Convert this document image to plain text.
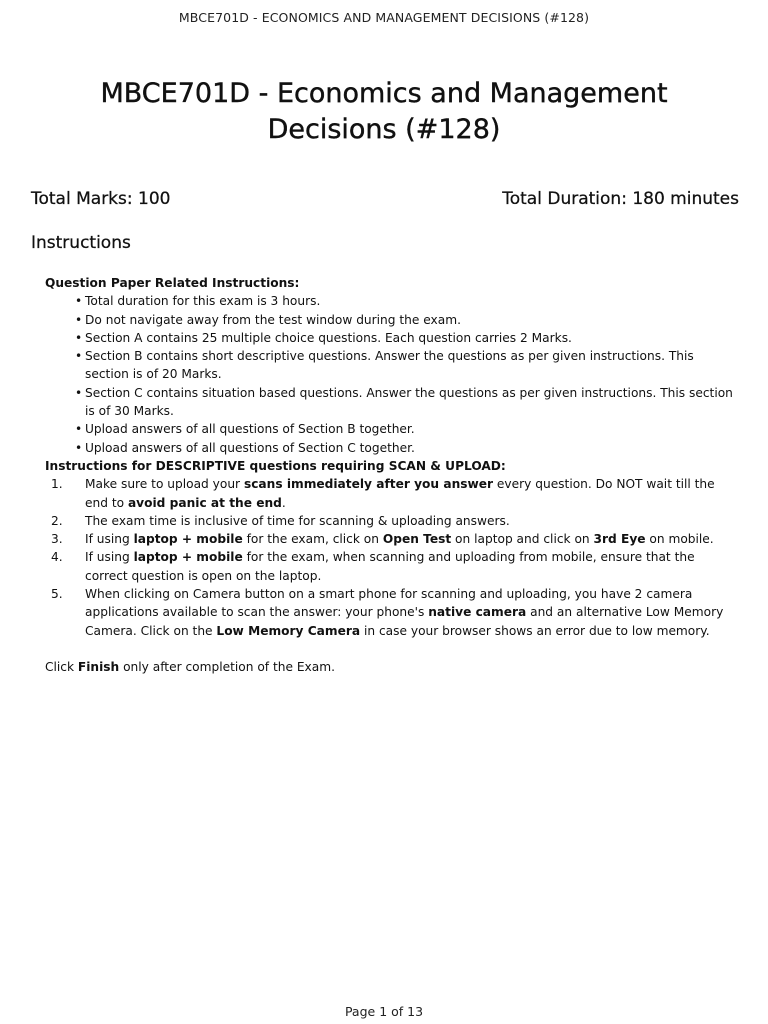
MBCE701D - ECONOMICS AND MANAGEMENT DECISIONS (#128)
MBCE701D - Economics and Management
Decisions (#128)
Total Marks: 100	Total Duration: 180 minutes
Instructions

Question Paper Related Instructions:

• Total duration for this exam is 3 hours.
• Do not navigate away from the test window during the exam.
• Section A contains 25 multiple choice questions. Each question carries 2 Marks.
• Section B contains short descriptive questions. Answer the questions as per given instructions. This section is of 20 Marks.
• Section C contains situation based questions. Answer the questions as per given instructions. This section is of 30 Marks.
• Upload answers of all questions of Section B together.
• Upload answers of all questions of Section C together.

Instructions for DESCRIPTIVE questions requiring SCAN & UPLOAD:

1. Make sure to upload your scans immediately after you answer every question. Do NOT wait till the end to avoid panic at the end.
2. The exam time is inclusive of time for scanning & uploading answers.
3. If using laptop + mobile for the exam, click on Open Test on laptop and click on 3rd Eye on mobile.
4. If using laptop + mobile for the exam, when scanning and uploading from mobile, ensure that the correct question is open on the laptop.
5. When clicking on Camera button on a smart phone for scanning and uploading, you have 2 camera applications available to scan the answer: your phone's native camera and an alternative Low Memory Camera. Click on the Low Memory Camera in case your browser shows an error due to low memory.

Click Finish only after completion of the Exam.

Page 1 of 13
